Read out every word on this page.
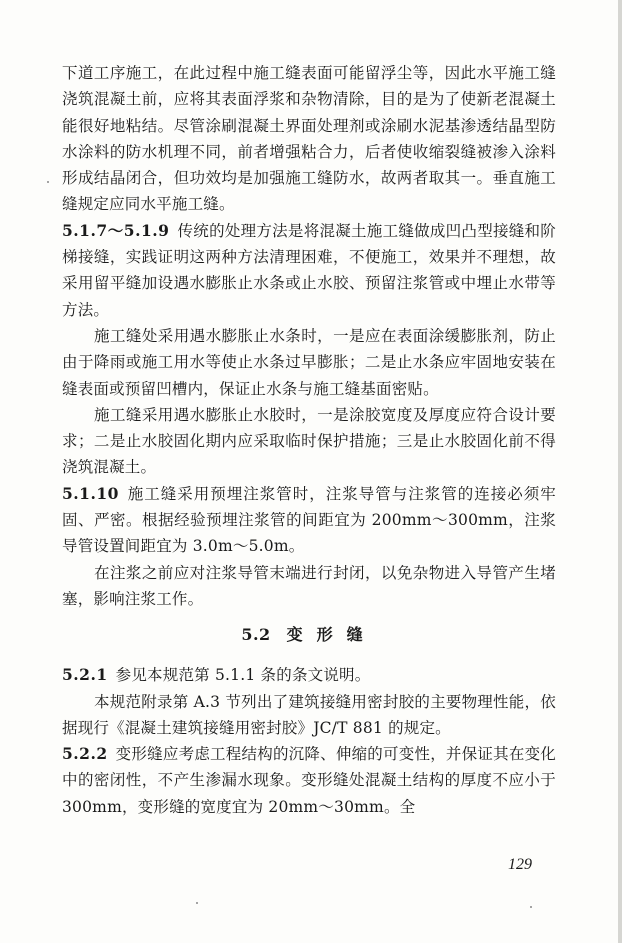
下道工序施工，在此过程中施工缝表面可能留浮尘等，因此水平施工缝浇筑混凝土前，应将其表面浮浆和杂物清除，目的是为了使新老混凝土能很好地粘结。尽管涂刷混凝土界面处理剂或涂刷水泥基渗透结晶型防水涂料的防水机理不同，前者增强粘合力，后者使收缩裂缝被渗入涂料形成结晶闭合，但功效均是加强施工缝防水，故两者取其一。垂直施工缝规定应同水平施工缝。

5.1.7～5.1.9 传统的处理方法是将混凝土施工缝做成凹凸型接缝和阶梯接缝，实践证明这两种方法清理困难，不便施工，效果并不理想，故采用留平缝加设遇水膨胀止水条或止水胶、预留注浆管或中埋止水带等方法。

施工缝处采用遇水膨胀止水条时，一是应在表面涂缓膨胀剂，防止由于降雨或施工用水等使止水条过早膨胀；二是止水条应牢固地安装在缝表面或预留凹槽内，保证止水条与施工缝基面密贴。

施工缝采用遇水膨胀止水胶时，一是涂胶宽度及厚度应符合设计要求；二是止水胶固化期内应采取临时保护措施；三是止水胶固化前不得浇筑混凝土。

5.1.10 施工缝采用预埋注浆管时，注浆导管与注浆管的连接必须牢固、严密。根据经验预埋注浆管的间距宜为 200mm～300mm，注浆导管设置间距宜为 3.0m～5.0m。

在注浆之前应对注浆导管末端进行封闭，以免杂物进入导管产生堵塞，影响注浆工作。

5.2 变形缝

5.2.1 参见本规范第 5.1.1 条的条文说明。

本规范附录第 A.3 节列出了建筑接缝用密封胶的主要物理性能，依据现行《混凝土建筑接缝用密封胶》JC/T 881 的规定。

5.2.2 变形缝应考虑工程结构的沉降、伸缩的可变性，并保证其在变化中的密闭性，不产生渗漏水现象。变形缝处混凝土结构的厚度不应小于 300mm，变形缝的宽度宜为 20mm～30mm。全

129
